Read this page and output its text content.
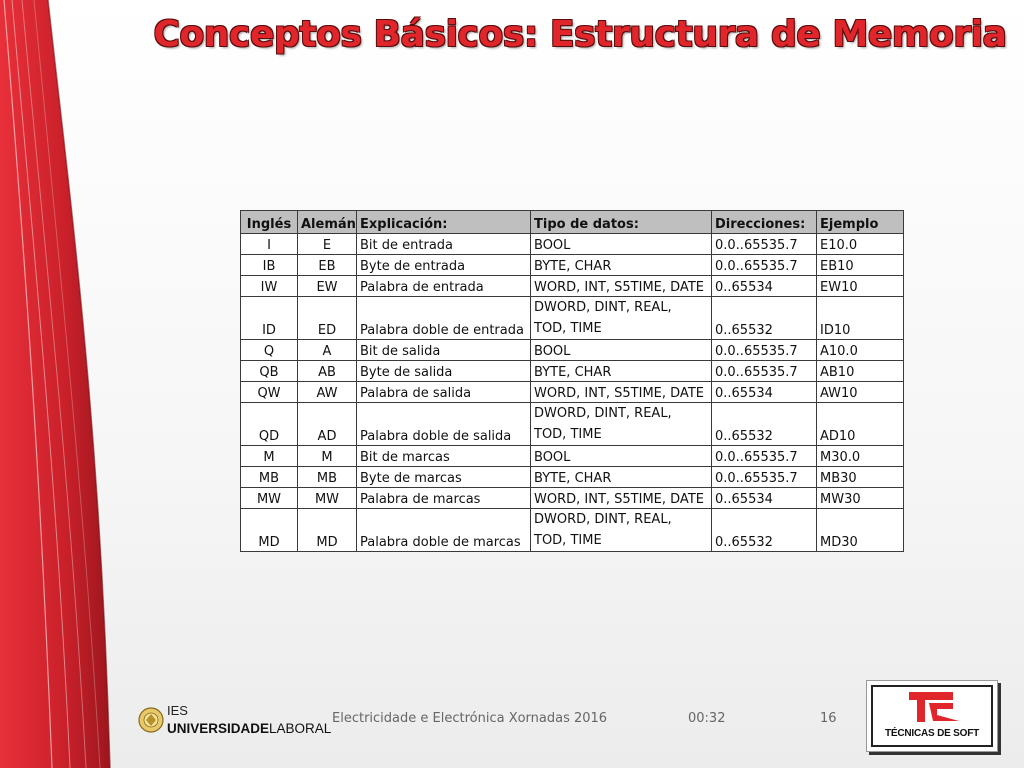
Conceptos Básicos: Estructura de Memoria
Inglés	Alemán	Explicación:	Tipo de datos:	Direcciones:	Ejemplo
I	E	Bit de entrada	BOOL	0.0..65535.7	E10.0
IB	EB	Byte de entrada	BYTE, CHAR	0.0..65535.7	EB10
IW	EW	Palabra de entrada	WORD, INT, S5TIME, DATE	0..65534	EW10
ID	ED	Palabra doble de entrada	DWORD, DINT, REAL, TOD, TIME	0..65532	ID10
Q	A	Bit de salida	BOOL	0.0..65535.7	A10.0
QB	AB	Byte de salida	BYTE, CHAR	0.0..65535.7	AB10
QW	AW	Palabra de salida	WORD, INT, S5TIME, DATE	0..65534	AW10
QD	AD	Palabra doble de salida	DWORD, DINT, REAL, TOD, TIME	0..65532	AD10
M	M	Bit de marcas	BOOL	0.0..65535.7	M30.0
MB	MB	Byte de marcas	BYTE, CHAR	0.0..65535.7	MB30
MW	MW	Palabra de marcas	WORD, INT, S5TIME, DATE	0..65534	MW30
MD	MD	Palabra doble de marcas	DWORD, DINT, REAL, TOD, TIME	0..65532	MD30
IES
UNIVERSIDADELABORAL
Electricidade e Electrónica Xornadas 2016	00:32	16
TÉCNICAS DE SOFT
